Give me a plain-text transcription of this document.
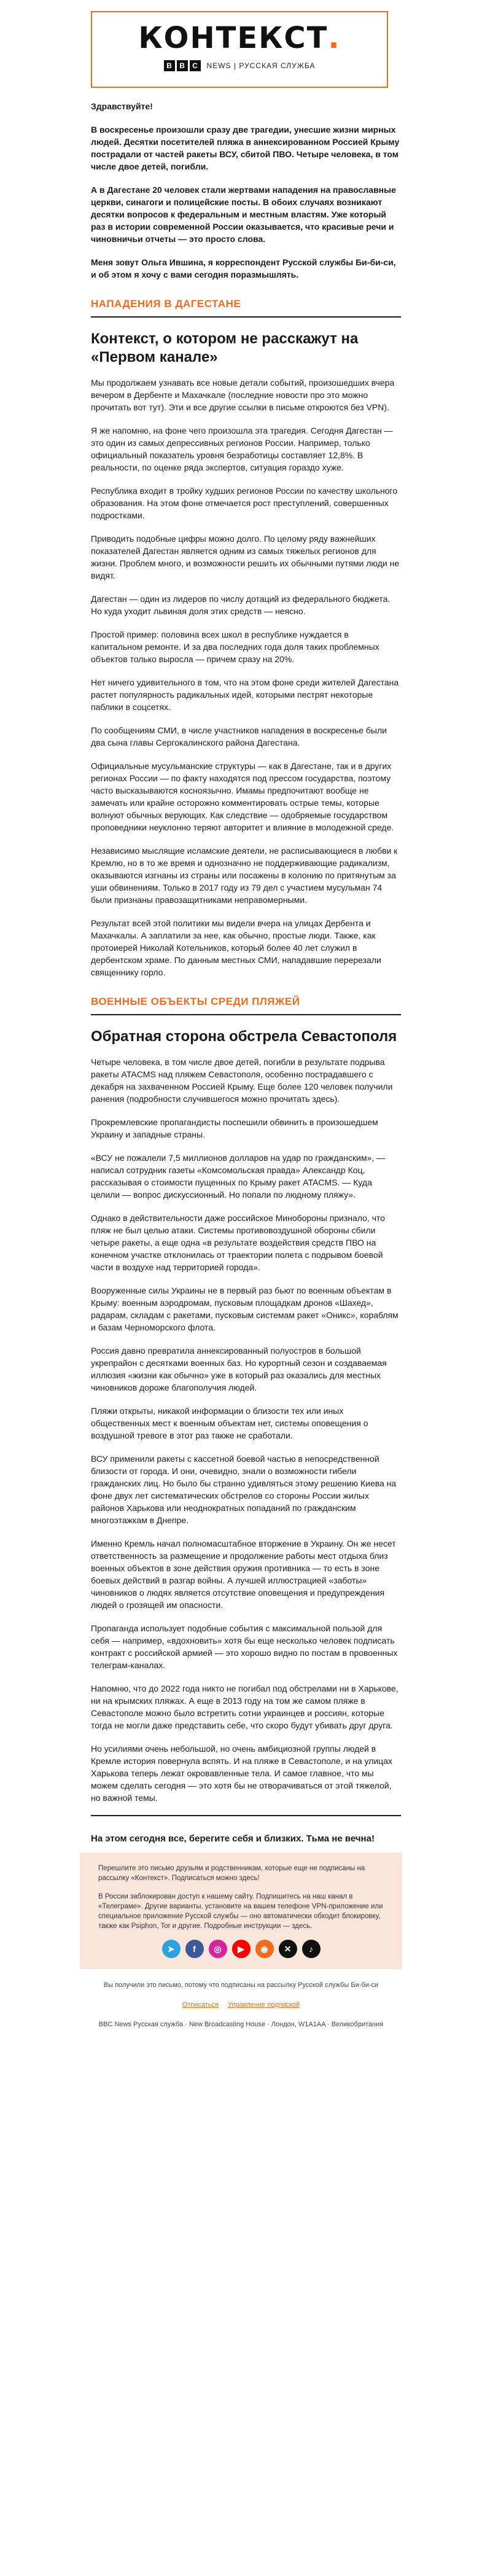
КОНТЕКСТ.
B	B	C	NEWS | РУССКАЯ СЛУЖБА

Здравствуйте!

В воскресенье произошли сразу две трагедии, унесшие жизни мирных людей. Десятки посетителей пляжа в аннексированном Россией Крыму пострадали от частей ракеты ВСУ, сбитой ПВО. Четыре человека, в том числе двое детей, погибли.

А в Дагестане 20 человек стали жертвами нападения на православные церкви, синагоги и полицейские посты. В обоих случаях возникают десятки вопросов к федеральным и местным властям. Уже который раз в истории современной России оказывается, что красивые речи и чиновничьи отчеты — это просто слова.

Меня зовут Ольга Ившина, я корреспондент Русской службы Би-би-си, и об этом я хочу с вами сегодня поразмышлять.

НАПАДЕНИЯ В ДАГЕСТАНЕ
Контекст, о котором не расскажут на «Первом канале»

Мы продолжаем узнавать все новые детали событий, произошедших вчера вечером в Дербенте и Махачкале (последние новости про это можно прочитать вот тут). Эти и все другие ссылки в письме откроются без VPN).

Я же напомню, на фоне чего произошла эта трагедия. Сегодня Дагестан — это один из самых депрессивных регионов России. Например, только официальный показатель уровня безработицы составляет 12,8%. В реальности, по оценке ряда экспертов, ситуация гораздо хуже.

Республика входит в тройку худших регионов России по качеству школьного образования. На этом фоне отмечается рост преступлений, совершенных подростками.

Приводить подобные цифры можно долго. По целому ряду важнейших показателей Дагестан является одним из самых тяжелых регионов для жизни. Проблем много, и возможности решить их обычными путями люди не видят.

Дагестан — один из лидеров по числу дотаций из федерального бюджета. Но куда уходит львиная доля этих средств — неясно.

Простой пример: половина всех школ в республике нуждается в капитальном ремонте. И за два последних года доля таких проблемных объектов только выросла — причем сразу на 20%.

Нет ничего удивительного в том, что на этом фоне среди жителей Дагестана растет популярность радикальных идей, которыми пестрят некоторые паблики в соцсетях.

По сообщениям СМИ, в числе участников нападения в воскресенье были два сына главы Сергокалинского района Дагестана.

Официальные мусульманские структуры — как в Дагестане, так и в других регионах России — по факту находятся под прессом государства, поэтому часто высказываются косноязычно. Имамы предпочитают вообще не замечать или крайне осторожно комментировать острые темы, которые волнуют обычных верующих. Как следствие — одобряемые государством проповедники неуклонно теряют авторитет и влияние в молодежной среде.

Независимо мыслящие исламские деятели, не расписывающиеся в любви к Кремлю, но в то же время и однозначно не поддерживающие радикализм, оказываются изгнаны из страны или посажены в колонию по притянутым за уши обвинениям. Только в 2017 году из 79 дел с участием мусульман 74 были признаны правозащитниками неправомерными.

Результат всей этой политики мы видели вчера на улицах Дербента и Махачкалы. А заплатили за нее, как обычно, простые люди. Также, как протоиерей Николай Котельников, который более 40 лет служил в дербентском храме. По данным местных СМИ, нападавшие перерезали священнику горло.

ВОЕННЫЕ ОБЪЕКТЫ СРЕДИ ПЛЯЖЕЙ
Обратная сторона обстрела Севастополя

Четыре человека, в том числе двое детей, погибли в результате подрыва ракеты ATACMS над пляжем Севастополя, особенно пострадавшего с декабря на захваченном Россией Крыму. Еще более 120 человек получили ранения (подробности случившегося можно прочитать здесь).

Прокремлевские пропагандисты поспешили обвинить в произошедшем Украину и западные страны.

«ВСУ не пожалели 7,5 миллионов долларов на удар по гражданским», — написал сотрудник газеты «Комсомольская правда» Александр Коц, рассказывая о стоимости пущенных по Крыму ракет ATACMS. — Куда целили — вопрос дискуссионный. Но попали по людному пляжу».

Однако в действительности даже российское Минобороны признало, что пляж не был целью атаки. Системы противовоздушной обороны сбили четыре ракеты, а еще одна «в результате воздействия средств ПВО на конечном участке отклонилась от траектории полета с подрывом боевой части в воздухе над территорией города».

Вооруженные силы Украины не в первый раз бьют по военным объектам в Крыму: военным аэродромам, пусковым площадкам дронов «Шахед», радарам, складам с ракетами, пусковым системам ракет «Оникс», кораблям и базам Черноморского флота.

Россия давно превратила аннексированный полуостров в большой укрепрайон с десятками военных баз. Но курортный сезон и создаваемая иллюзия «жизни как обычно» уже в который раз оказались для местных чиновников дороже благополучия людей.

Пляжи открыты, никакой информации о близости тех или иных общественных мест к военным объектам нет, системы оповещения о воздушной тревоге в этот раз также не сработали.

ВСУ применили ракеты с кассетной боевой частью в непосредственной близости от города. И они, очевидно, знали о возможности гибели гражданских лиц. Но было бы странно удивляться этому решению Киева на фоне двух лет систематических обстрелов со стороны России жилых районов Харькова или неоднократных попаданий по гражданским многоэтажкам в Днепре.

Именно Кремль начал полномасштабное вторжение в Украину. Он же несет ответственность за размещение и продолжение работы мест отдыха близ военных объектов в зоне действия оружия противника — то есть в зоне боевых действий в разгар войны. А лучшей иллюстрацией «заботы» чиновников о людях является отсутствие оповещения и предупреждения людей о грозящей им опасности.

Пропаганда использует подобные события с максимальной пользой для себя — например, «вдохновить» хотя бы еще несколько человек подписать контракт с российской армией — это хорошо видно по постам в провоенных телеграм-каналах.

Напомню, что до 2022 года никто не погибал под обстрелами ни в Харькове, ни на крымских пляжах. А еще в 2013 году на том же самом пляже в Севастополе можно было встретить сотни украинцев и россиян, которые тогда не могли даже представить себе, что скоро будут убивать друг друга.

Но усилиями очень небольшой, но очень амбициозной группы людей в Кремле история повернула вспять. И на пляже в Севастополе, и на улицах Харькова теперь лежат окровавленные тела. И самое главное, что мы можем сделать сегодня — это хотя бы не отворачиваться от этой тяжелой, но важной темы.

На этом сегодня все, берегите себя и близких. Тьма не вечна!

Перешлите это письмо друзьям и родственникам, которые еще не подписаны на рассылку «Контекст». Подписаться можно здесь!

В России заблокирован доступ к нашему сайту. Подпишитесь на наш канал в «Телеграме». Другие варианты, установите на вашем телефоне VPN-приложение или специальное приложение Русской службы — оно автоматически обходит блокировку, также как Psiphon, Tor и другие. Подробные инструкции — здесь.

➤	f	◎	▶	◉	✕	♪
Вы получили это письмо, потому что подписаны на рассылку Русской службы Би-би-си
Отписаться Управление подпиской
BBC News Русская служба · New Broadcasting House · Лондон, W1A1AA · Великобритания
